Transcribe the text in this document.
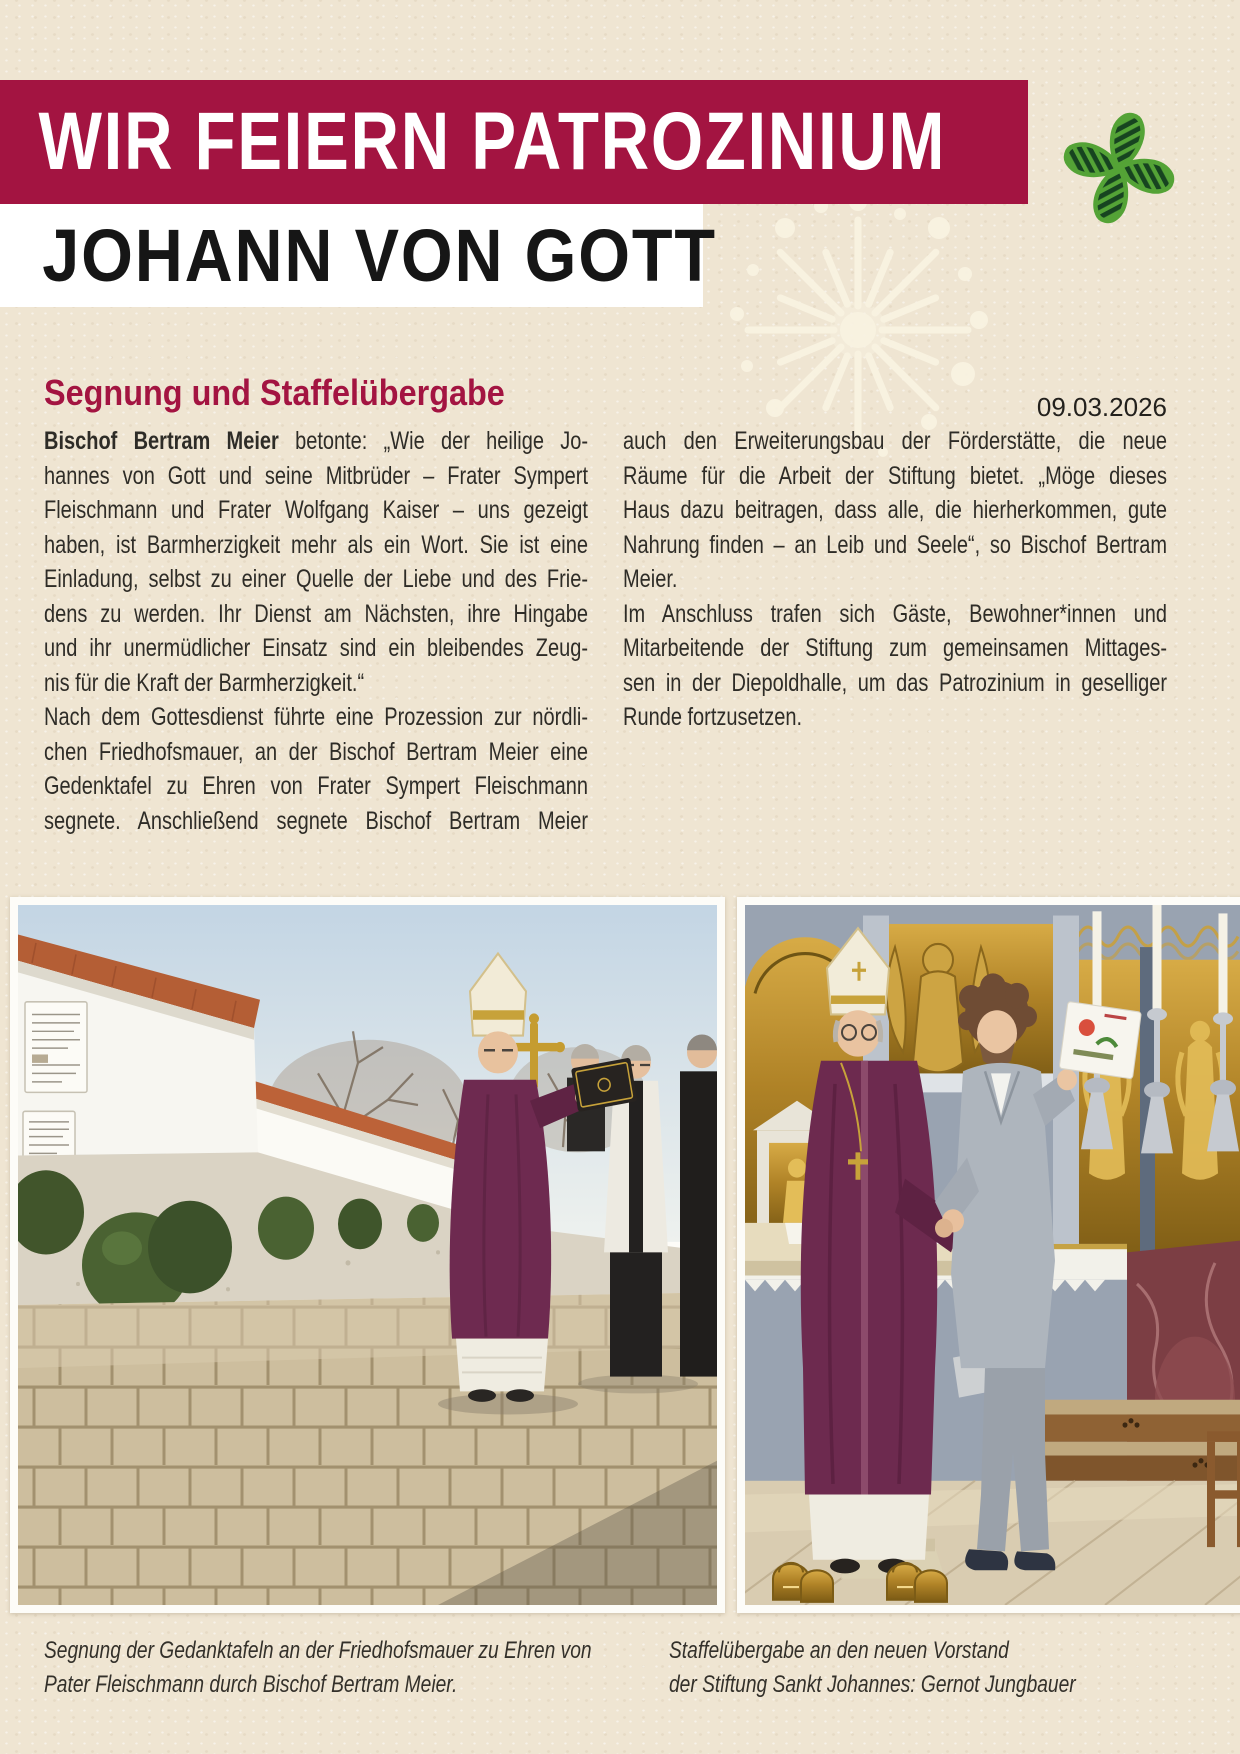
WIR FEIERN PATROZINIUM
JOHANN VON GOTT
Segnung und Staffelübergabe	09.03.2026
Bischof Bertram Meier betonte: „Wie der heilige Jo-
hannes von Gott und seine Mitbrüder – Frater Sympert
Fleischmann und Frater Wolfgang Kaiser – uns gezeigt
haben, ist Barmherzigkeit mehr als ein Wort. Sie ist eine
Einladung, selbst zu einer Quelle der Liebe und des Frie-
dens zu werden. Ihr Dienst am Nächsten, ihre Hingabe
und ihr unermüdlicher Einsatz sind ein bleibendes Zeug-
nis für die Kraft der Barmherzigkeit.“
Nach dem Gottesdienst führte eine Prozession zur nördli-
chen Friedhofsmauer, an der Bischof Bertram Meier eine
Gedenktafel zu Ehren von Frater Sympert Fleischmann
segnete. Anschließend segnete Bischof Bertram Meier
auch den Erweiterungsbau der Förderstätte, die neue
Räume für die Arbeit der Stiftung bietet. „Möge dieses
Haus dazu beitragen, dass alle, die hierherkommen, gute
Nahrung finden – an Leib und Seele“, so Bischof Bertram
Meier.
Im Anschluss trafen sich Gäste, Bewohner*innen und
Mitarbeitende der Stiftung zum gemeinsamen Mittages-
sen in der Diepoldhalle, um das Patrozinium in geselliger
Runde fortzusetzen.
Segnung der Gedanktafeln an der Friedhofsmauer zu Ehren von
Pater Fleischmann durch Bischof Bertram Meier.
Staffelübergabe an den neuen Vorstand
der Stiftung Sankt Johannes: Gernot Jungbauer
